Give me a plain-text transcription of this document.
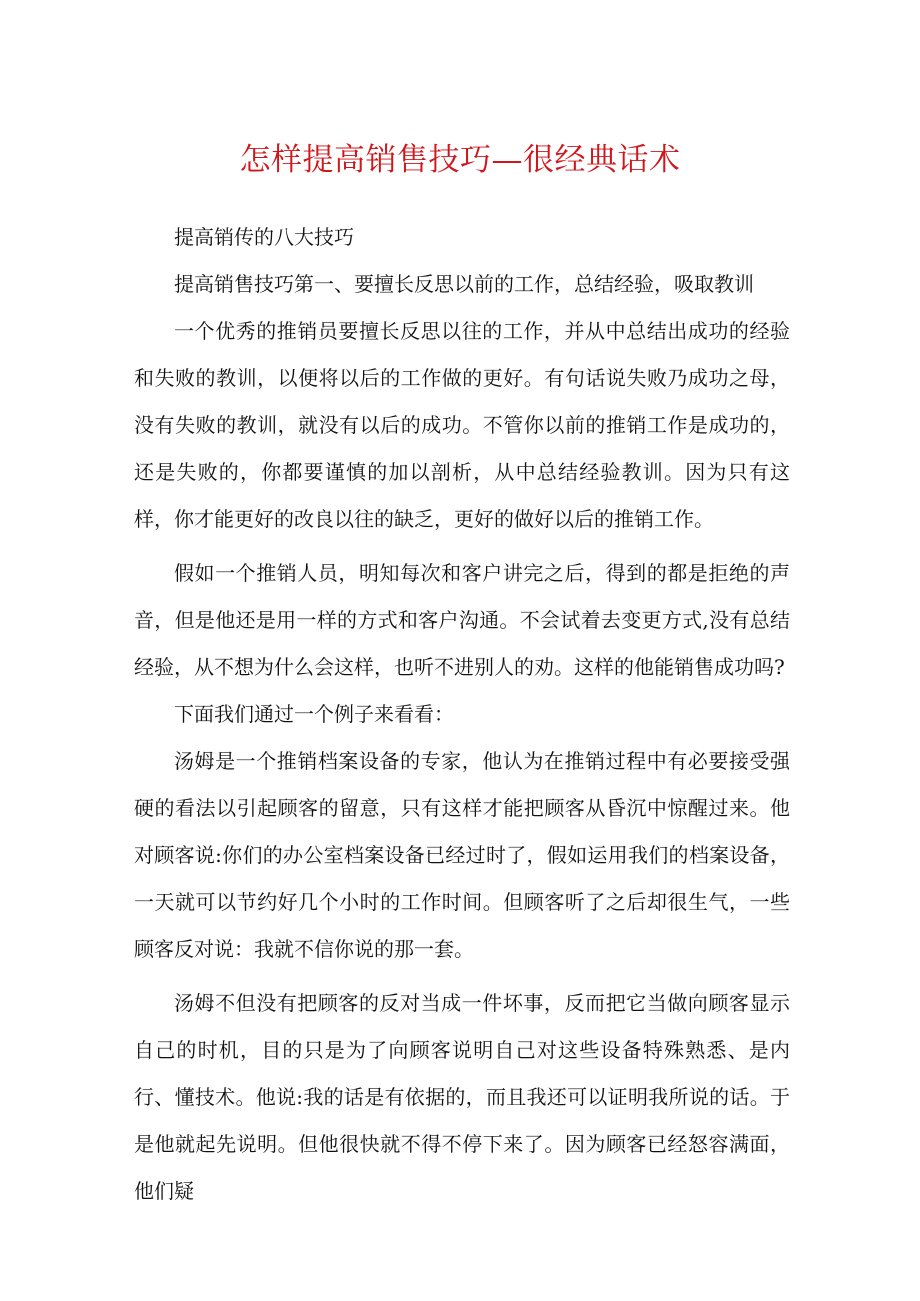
怎样提高销售技巧—很经典话术

提高销传的八大技巧

提高销售技巧第一、要擅长反思以前的工作，总结经验，吸取教训

一个优秀的推销员要擅长反思以往的工作，并从中总结出成功的经验和失败的教训，以便将以后的工作做的更好。有句话说失败乃成功之母，没有失败的教训，就没有以后的成功。不管你以前的推销工作是成功的，还是失败的，你都要谨慎的加以剖析，从中总结经验教训。因为只有这样，你才能更好的改良以往的缺乏，更好的做好以后的推销工作。

假如一个推销人员，明知每次和客户讲完之后，得到的都是拒绝的声音，但是他还是用一样的方式和客户沟通。不会试着去变更方式,没有总结经验，从不想为什么会这样，也听不进别人的劝。这样的他能销售成功吗?

下面我们通过一个例子来看看：

汤姆是一个推销档案设备的专家，他认为在推销过程中有必要接受强硬的看法以引起顾客的留意，只有这样才能把顾客从昏沉中惊醒过来。他对顾客说:你们的办公室档案设备已经过时了，假如运用我们的档案设备，一天就可以节约好几个小时的工作时间。但顾客听了之后却很生气，一些顾客反对说：我就不信你说的那一套。

汤姆不但没有把顾客的反对当成一件坏事，反而把它当做向顾客显示自己的时机，目的只是为了向顾客说明自己对这些设备特殊熟悉、是内行、懂技术。他说:我的话是有依据的，而且我还可以证明我所说的话。于是他就起先说明。但他很快就不得不停下来了。因为顾客已经怒容满面，他们疑
